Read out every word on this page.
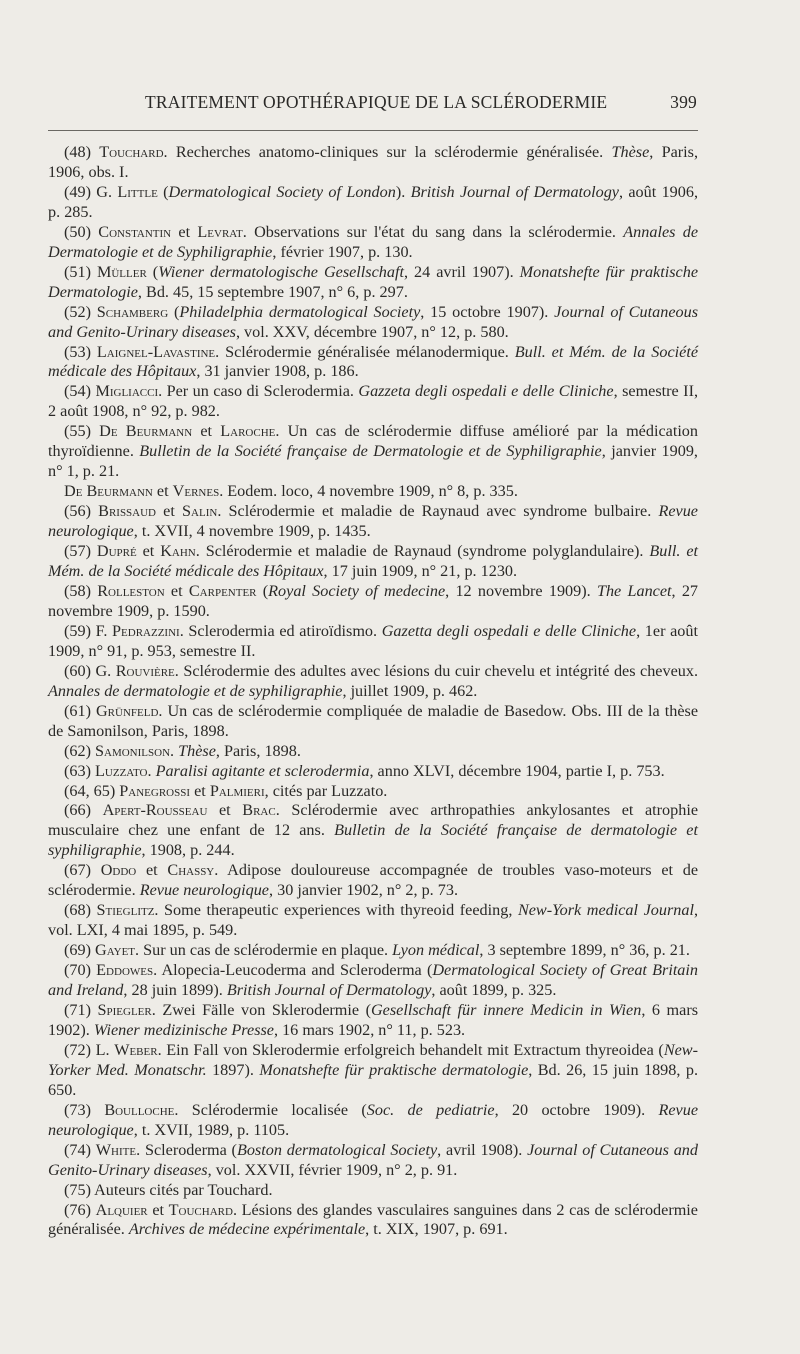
TRAITEMENT OPOTHÉRAPIQUE DE LA SCLÉRODERMIE	399
(48) Touchard. Recherches anatomo-cliniques sur la sclérodermie généralisée. Thèse, Paris, 1906, obs. I.
(49) G. Little (Dermatological Society of London). British Journal of Dermatology, août 1906, p. 285.
(50) Constantin et Levrat. Observations sur l'état du sang dans la sclérodermie. Annales de Dermatologie et de Syphiligraphie, février 1907, p. 130.
(51) Müller (Wiener dermatologische Gesellschaft, 24 avril 1907). Monatshefte für praktische Dermatologie, Bd. 45, 15 septembre 1907, n° 6, p. 297.
(52) Schamberg (Philadelphia dermatological Society, 15 octobre 1907). Journal of Cutaneous and Genito-Urinary diseases, vol. XXV, décembre 1907, n° 12, p. 580.
(53) Laignel-Lavastine. Sclérodermie généralisée mélanodermique. Bull. et Mém. de la Société médicale des Hôpitaux, 31 janvier 1908, p. 186.
(54) Migliacci. Per un caso di Sclerodermia. Gazzeta degli ospedali e delle Cliniche, semestre II, 2 août 1908, n° 92, p. 982.
(55) De Beurmann et Laroche. Un cas de sclérodermie diffuse amélioré par la médication thyroïdienne. Bulletin de la Société française de Dermatologie et de Syphiligraphie, janvier 1909, n° 1, p. 21.
De Beurmann et Vernes. Eodem. loco, 4 novembre 1909, n° 8, p. 335.
(56) Brissaud et Salin. Sclérodermie et maladie de Raynaud avec syndrome bulbaire. Revue neurologique, t. XVII, 4 novembre 1909, p. 1435.
(57) Dupré et Kahn. Sclérodermie et maladie de Raynaud (syndrome polyglandulaire). Bull. et Mém. de la Société médicale des Hôpitaux, 17 juin 1909, n° 21, p. 1230.
(58) Rolleston et Carpenter (Royal Society of medecine, 12 novembre 1909). The Lancet, 27 novembre 1909, p. 1590.
(59) F. Pedrazzini. Sclerodermia ed atiroïdismo. Gazetta degli ospedali e delle Cliniche, 1er août 1909, n° 91, p. 953, semestre II.
(60) G. Rouvière. Sclérodermie des adultes avec lésions du cuir chevelu et intégrité des cheveux. Annales de dermatologie et de syphiligraphie, juillet 1909, p. 462.
(61) Grünfeld. Un cas de sclérodermie compliquée de maladie de Basedow. Obs. III de la thèse de Samonilson, Paris, 1898.
(62) Samonilson. Thèse, Paris, 1898.
(63) Luzzato. Paralisi agitante et sclerodermia, anno XLVI, décembre 1904, partie I, p. 753.
(64, 65) Panegrossi et Palmieri, cités par Luzzato.
(66) Apert-Rousseau et Brac. Sclérodermie avec arthropathies ankylosantes et atrophie musculaire chez une enfant de 12 ans. Bulletin de la Société française de dermatologie et syphiligraphie, 1908, p. 244.
(67) Oddo et Chassy. Adipose douloureuse accompagnée de troubles vaso-moteurs et de sclérodermie. Revue neurologique, 30 janvier 1902, n° 2, p. 73.
(68) Stieglitz. Some therapeutic experiences with thyreoid feeding, New-York medical Journal, vol. LXI, 4 mai 1895, p. 549.
(69) Gayet. Sur un cas de sclérodermie en plaque. Lyon médical, 3 septembre 1899, n° 36, p. 21.
(70) Eddowes. Alopecia-Leucoderma and Scleroderma (Dermatological Society of Great Britain and Ireland, 28 juin 1899). British Journal of Dermatology, août 1899, p. 325.
(71) Spiegler. Zwei Fälle von Sklerodermie (Gesellschaft für innere Medicin in Wien, 6 mars 1902). Wiener medizinische Presse, 16 mars 1902, n° 11, p. 523.
(72) L. Weber. Ein Fall von Sklerodermie erfolgreich behandelt mit Extractum thyreoidea (New-Yorker Med. Monatschr. 1897). Monatshefte für praktische dermatologie, Bd. 26, 15 juin 1898, p. 650.
(73) Boulloche. Sclérodermie localisée (Soc. de pediatrie, 20 octobre 1909). Revue neurologique, t. XVII, 1989, p. 1105.
(74) White. Scleroderma (Boston dermatological Society, avril 1908). Journal of Cutaneous and Genito-Urinary diseases, vol. XXVII, février 1909, n° 2, p. 91.
(75) Auteurs cités par Touchard.
(76) Alquier et Touchard. Lésions des glandes vasculaires sanguines dans 2 cas de sclérodermie généralisée. Archives de médecine expérimentale, t. XIX, 1907, p. 691.
